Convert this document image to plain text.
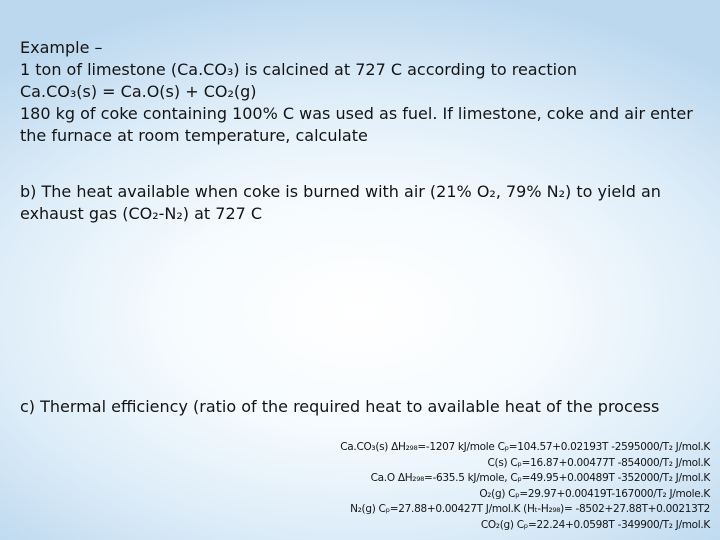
Example –
1 ton of limestone (Ca.CO₃) is calcined at 727 C according to reaction
Ca.CO₃(s) = Ca.O(s) + CO₂(g)
180 kg of coke containing 100% C was used as fuel. If limestone, coke and air enter
the furnace at room temperature, calculate
b) The heat available when coke is burned with air (21% O₂, 79% N₂) to yield an
exhaust gas (CO₂-N₂) at 727 C
c) Thermal efficiency (ratio of the required heat to available heat of the process
Ca.CO₃(s) ΔH₂₉₈=-1207 kJ/mole Cₚ=104.57+0.02193T -2595000/T₂ J/mol.K
C(s) Cₚ=16.87+0.00477T -854000/T₂ J/mol.K
Ca.O ΔH₂₉₈=-635.5 kJ/mole, Cₚ=49.95+0.00489T -352000/T₂ J/mol.K
O₂(g) Cₚ=29.97+0.00419T-167000/T₂ J/mole.K
N₂(g) Cₚ=27.88+0.00427T J/mol.K (Hₜ-H₂₉₈)= -8502+27.88T+0.00213T2
CO₂(g) Cₚ=22.24+0.0598T -349900/T₂ J/mol.K
